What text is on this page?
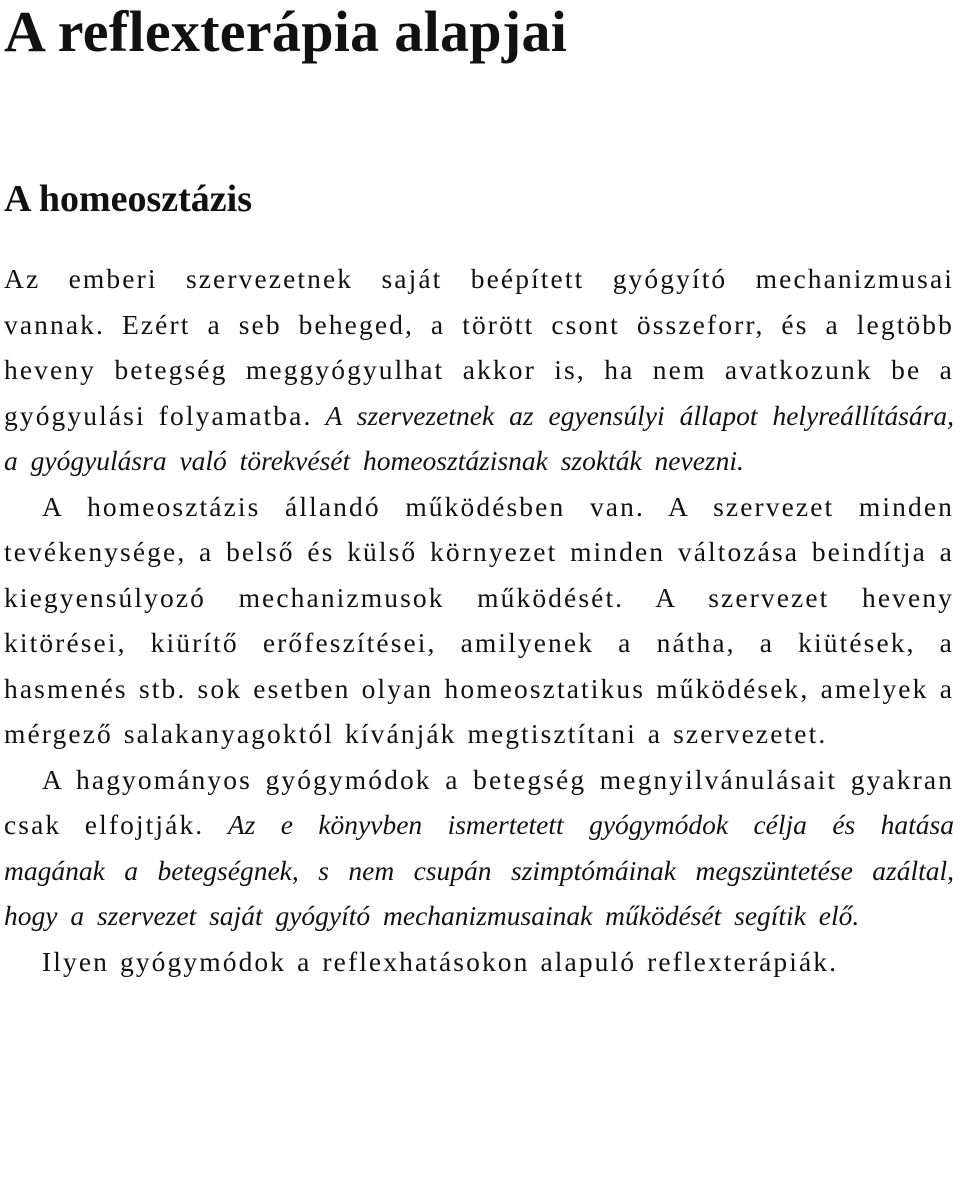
A reflexterápia alapjai
A homeosztázis

Az emberi szervezetnek saját beépített gyógyító mechanizmusai vannak. Ezért a seb beheged, a törött csont összeforr, és a legtöbb heveny betegség meggyógyulhat akkor is, ha nem avatkozunk be a gyógyulási folyamatba. A szervezetnek az egyensúlyi állapot helyreállítására, a gyógyulásra való törekvését homeosztázisnak szokták nevezni.

A homeosztázis állandó működésben van. A szervezet minden tevékenysége, a belső és külső környezet minden változása beindítja a kiegyensúlyozó mechanizmusok működését. A szervezet heveny kitörései, kiürítő erőfeszítései, amilyenek a nátha, a kiütések, a hasmenés stb. sok esetben olyan homeosztatikus működések, amelyek a mérgező salakanyagoktól kívánják megtisztítani a szervezetet.

A hagyományos gyógymódok a betegség megnyilvánulásait gyakran csak elfojtják. Az e könyvben ismertetett gyógymódok célja és hatása magának a betegségnek, s nem csupán szimptómáinak megszüntetése azáltal, hogy a szervezet saját gyógyító mechanizmusainak működését segítik elő.

Ilyen gyógymódok a reflexhatásokon alapuló reflexterápiák.
